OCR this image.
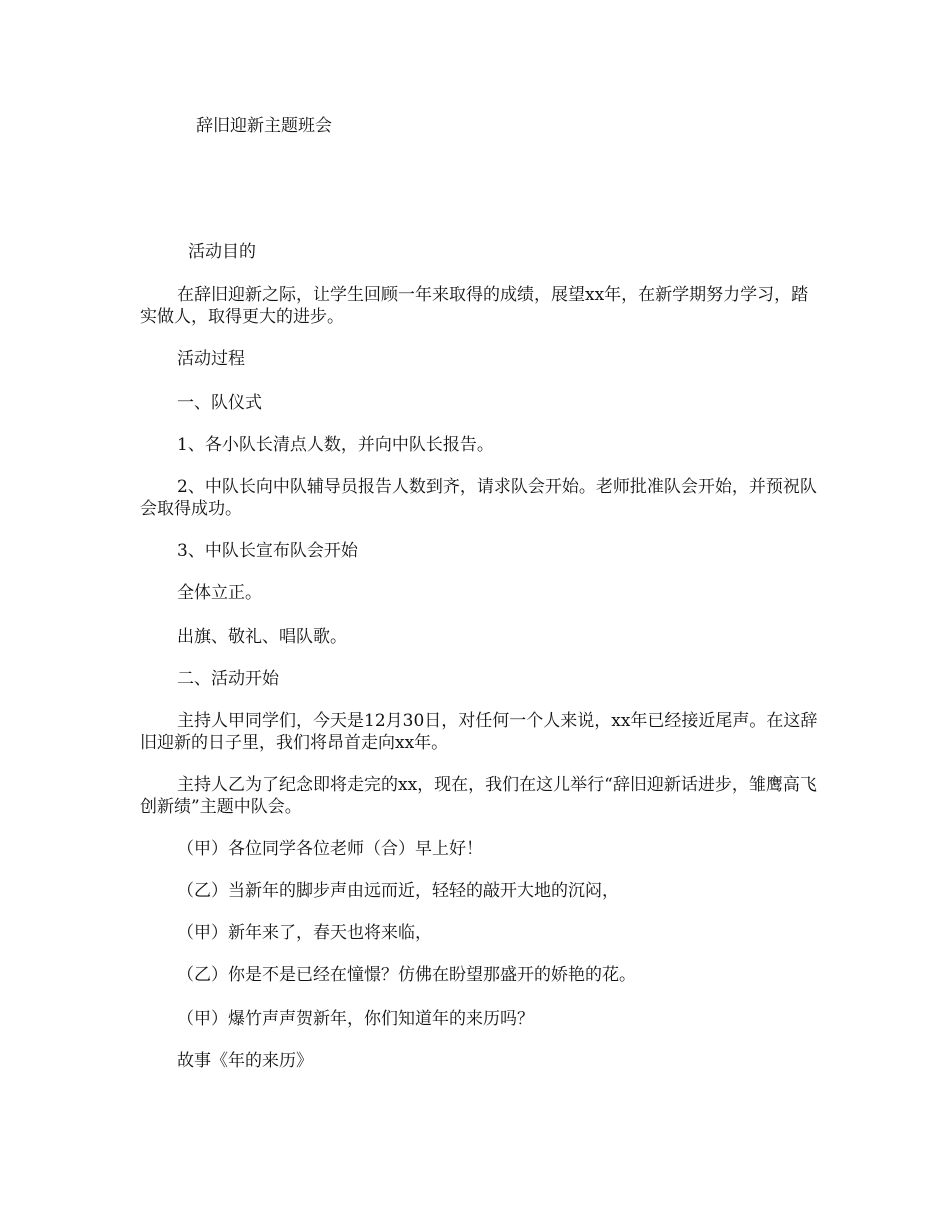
辞旧迎新主题班会
活动目的

在辞旧迎新之际，让学生回顾一年来取得的成绩，展望xx年，在新学期努力学习，踏实做人，取得更大的进步。

活动过程

一、队仪式

1、各小队长清点人数，并向中队长报告。

2、中队长向中队辅导员报告人数到齐，请求队会开始。老师批准队会开始，并预祝队会取得成功。

3、中队长宣布队会开始

全体立正。

出旗、敬礼、唱队歌。

二、活动开始

主持人甲同学们，今天是12月30日，对任何一个人来说，xx年已经接近尾声。在这辞旧迎新的日子里，我们将昂首走向xx年。

主持人乙为了纪念即将走完的xx，现在，我们在这儿举行“辞旧迎新话进步，雏鹰高飞创新绩”主题中队会。

（甲）各位同学各位老师（合）早上好！

（乙）当新年的脚步声由远而近，轻轻的敲开大地的沉闷，

（甲）新年来了，春天也将来临，

（乙）你是不是已经在憧憬？仿佛在盼望那盛开的娇艳的花。

（甲）爆竹声声贺新年，你们知道年的来历吗？

故事《年的来历》
